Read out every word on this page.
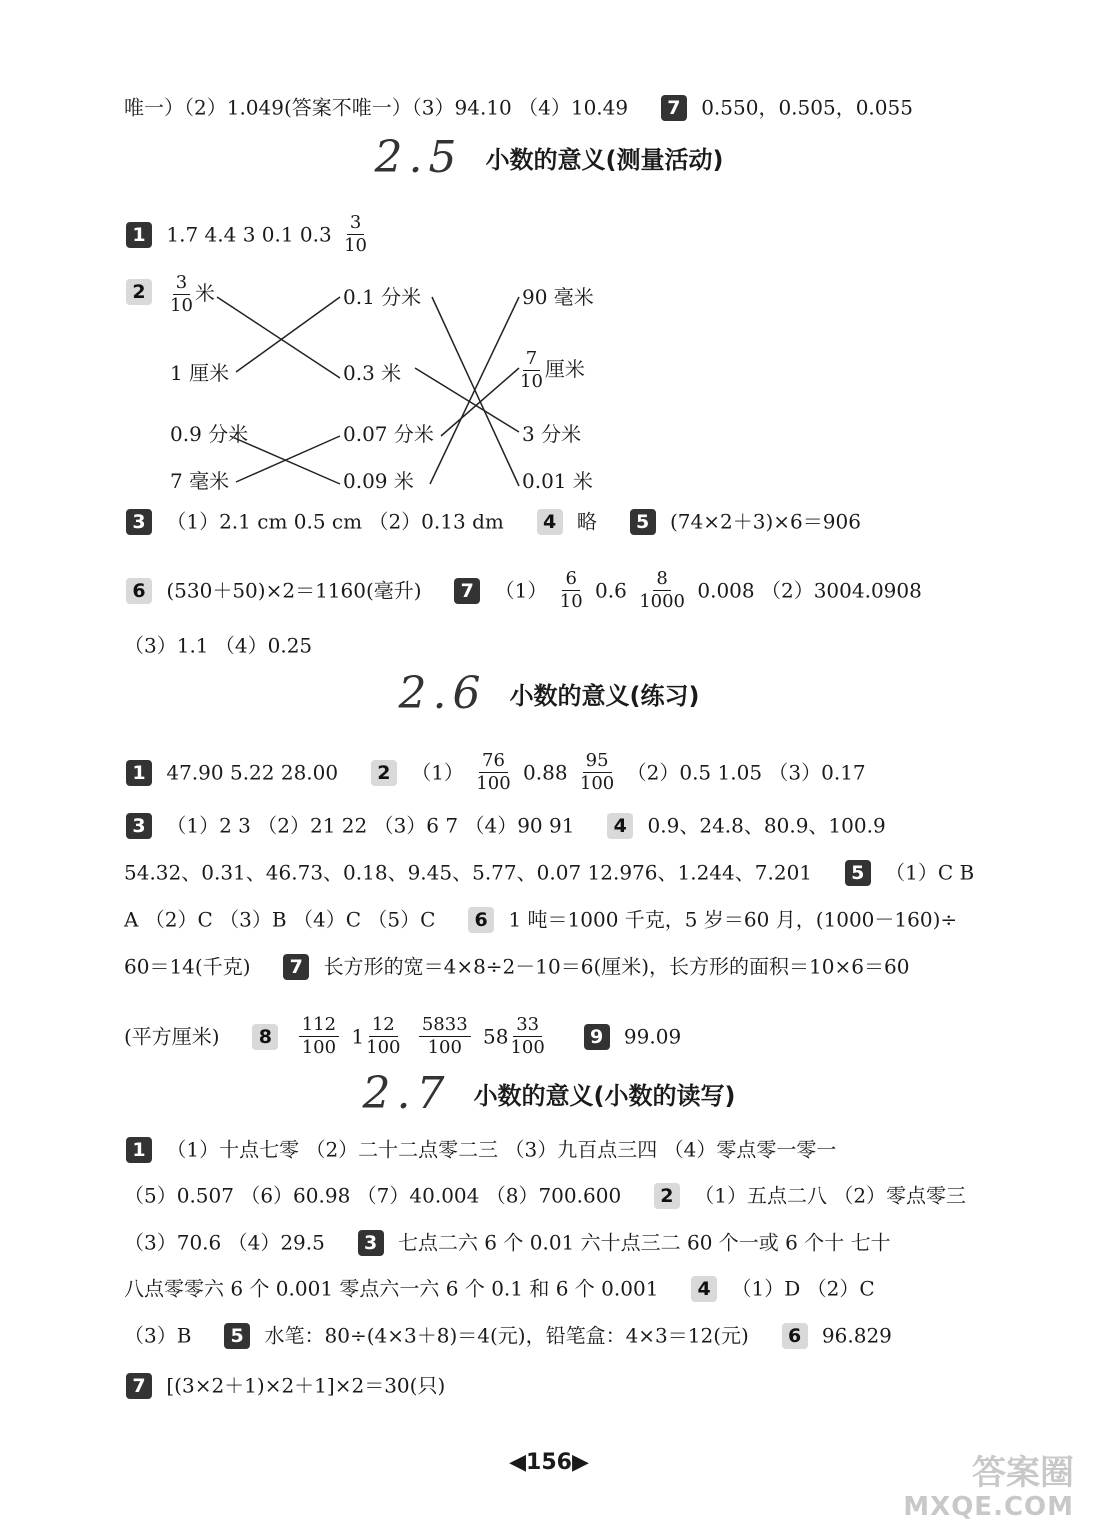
唯一）（2）1.049(答案不唯一）（3）94.10 （4）10.49 7 0.550，0.505，0.055
2.5 小数的意义(测量活动)
1 1.7 4.4 3 0.1 $0.3 \frac{3}{10}$
2	$\frac{3}{10}$ 米
1 厘米
0.9 分米
7 毫米
0.1 分米
0.3 米
0.07 分米
0.09 米
90 毫米
$\frac{7}{10}$ 厘米
3 分米
0.01 米
3 （1）2.1 cm 0.5 cm （2）0.13 dm 4 略 5 (74×2＋3)×6＝906
6 (530＋50)×2＝1160(毫升) 7 $(1) \frac{6}{10} 0.6 \frac{8}{1000} 0.008$ （2）3004.0908
（3）1.1 （4）0.25
2.6 小数的意义(练习)
1 47.90 5.22 28.00 2 $(1) \frac{76}{100} 0.88 \frac{95}{100} (2)0.5$ 1.05 （3）0.17
3 （1）2 3 （2）21 22 （3）6 7 （4）90 91 4 0.9、24.8、80.9、100.9
54.32、0.31、46.73、0.18、9.45、5.77、0.07 12.976、1.244、7.201 5 （1）C B
A （2）C （3）B （4）C （5）C 6 1 吨＝1000 千克，5 岁＝60 月，(1000－160)÷
60＝14(千克) 7 长方形的宽＝4×8÷2－10＝6(厘米)，长方形的面积＝10×6＝60
(平方厘米) $8 \frac{112}{100} 1 \frac{12}{100}$
$\frac{5833}{100} 58 \frac{33}{100} 9$ 99.09
2.7 小数的意义(小数的读写)
1 （1）十点七零 （2）二十二点零二三 （3）九百点三四 （4）零点零一零一
（5）0.507 （6）60.98 （7）40.004 （8）700.600 2 （1）五点二八 （2）零点零三
（3）70.6 （4）29.5 3 七点二六 6 个 0.01 六十点三二 60 个一或 6 个十 七十
八点零零六 6 个 0.001 零点六一六 6 个 0.1 和 6 个 0.001 4 （1）D （2）C
（3）B 5 水笔：80÷(4×3＋8)＝4(元)，铅笔盒：4×3＝12(元) 6 96.829
7 [(3×2＋1)×2＋1]×2＝30(只)
◀156▶	答案圈
MXQE.COM
